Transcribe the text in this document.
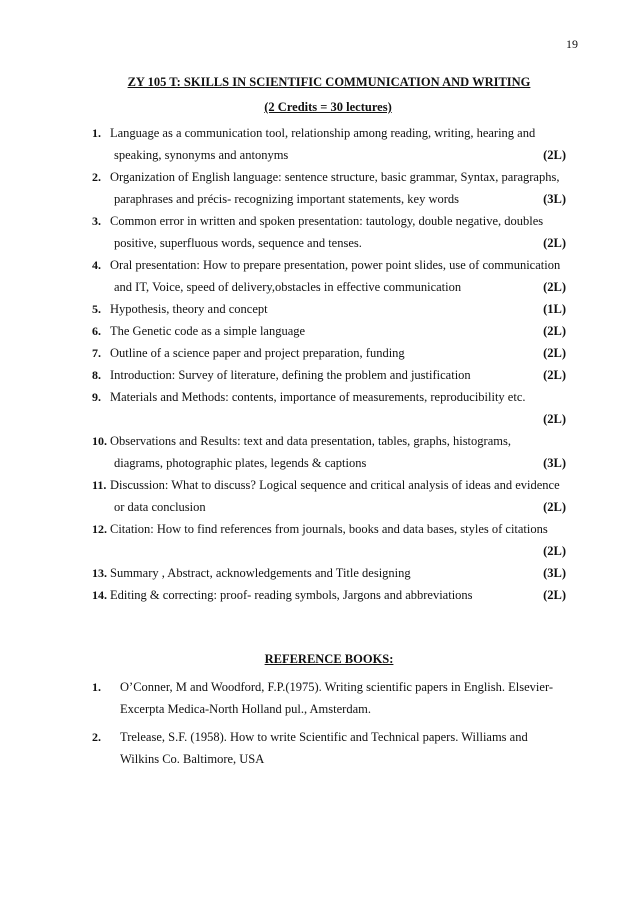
19
ZY 105 T: SKILLS IN SCIENTIFIC COMMUNICATION AND WRITING
(2 Credits = 30 lectures)
1. Language as a communication tool, relationship among reading, writing, hearing and
speaking, synonyms and antonyms	(2L)
2. Organization of English language: sentence structure, basic grammar, Syntax, paragraphs,
paraphrases and précis- recognizing important statements, key words	(3L)
3. Common error in written and spoken presentation: tautology, double negative, doubles
positive, superfluous words, sequence and tenses.	(2L)
4. Oral presentation: How to prepare presentation, power point slides, use of communication
and IT, Voice, speed of delivery,obstacles in effective communication	(2L)
5. Hypothesis, theory and concept	(1L)
6. The Genetic code as a simple language	(2L)
7. Outline of a science paper and project preparation, funding	(2L)
8. Introduction: Survey of literature, defining the problem and justification	(2L)
9. Materials and Methods: contents, importance of measurements, reproducibility etc.
(2L)
10. Observations and Results: text and data presentation, tables, graphs, histograms,
diagrams, photographic plates, legends & captions	(3L)
11. Discussion: What to discuss? Logical sequence and critical analysis of ideas and evidence
or data conclusion	(2L)
12. Citation: How to find references from journals, books and data bases, styles of citations
(2L)
13. Summary , Abstract, acknowledgements and Title designing	(3L)
14. Editing & correcting: proof- reading symbols, Jargons and abbreviations	(2L)
REFERENCE BOOKS:
1.	O’Conner, M and Woodford, F.P.(1975). Writing scientific papers in English. Elsevier-
Excerpta Medica-North Holland pul., Amsterdam.
2.	Trelease, S.F. (1958). How to write Scientific and Technical papers. Williams and
Wilkins Co. Baltimore, USA
